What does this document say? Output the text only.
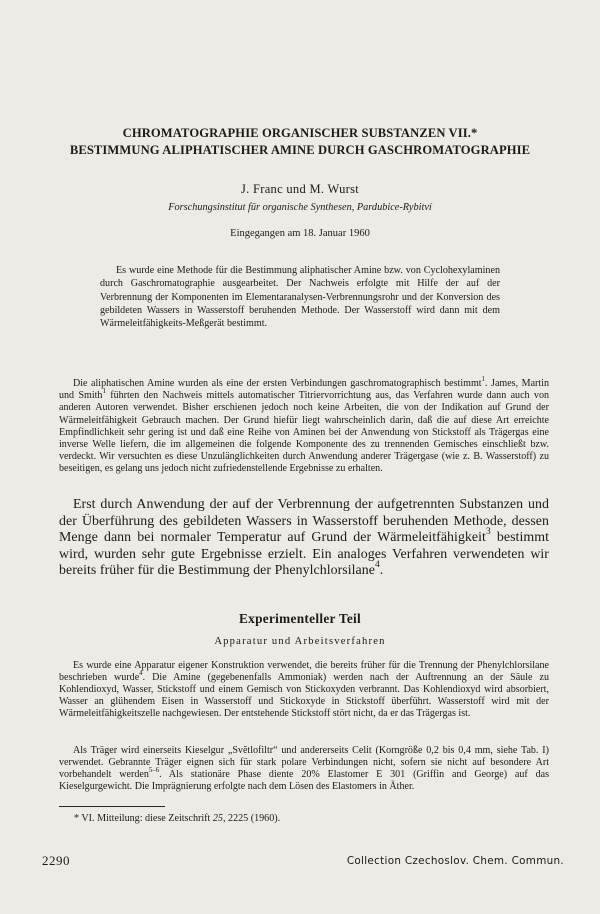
CHROMATOGRAPHIE ORGANISCHER SUBSTANZEN VII.*
BESTIMMUNG ALIPHATISCHER AMINE DURCH GASCHROMATOGRAPHIE
J. Franc und M. Wurst
Forschungsinstitut für organische Synthesen, Pardubice-Rybitví
Eingegangen am 18. Januar 1960
Es wurde eine Methode für die Bestimmung aliphatischer Amine bzw. von Cyclohexylaminen durch Gaschromatographie ausgearbeitet. Der Nachweis erfolgte mit Hilfe der auf der Verbrennung der Komponenten im Elementaranalysen-Verbrennungsrohr und der Konversion des gebildeten Wassers in Wasserstoff beruhenden Methode. Der Wasserstoff wird dann mit dem Wärmeleitfähigkeits-Meßgerät bestimmt.
Die aliphatischen Amine wurden als eine der ersten Verbindungen gaschromatographisch bestimmt$^1$. James, Martin und Smith$^1$ führten den Nachweis mittels automatischer Titriervorrichtung aus, das Verfahren wurde dann auch von anderen Autoren verwendet. Bisher erschienen jedoch noch keine Arbeiten, die von der Indikation auf Grund der Wärmeleitfähigkeit Gebrauch machen. Der Grund hiefür liegt wahrscheinlich darin, daß die auf diese Art erreichte Empfindlichkeit sehr gering ist und daß eine Reihe von Aminen bei der Anwendung von Stickstoff als Trägergas eine inverse Welle liefern, die im allgemeinen die folgende Komponente des zu trennenden Gemisches einschließt bzw. verdeckt. Wir versuchten es diese Unzulänglichkeiten durch Anwendung anderer Trägergase (wie z. B. Wasserstoff) zu beseitigen, es gelang uns jedoch nicht zufriedenstellende Ergebnisse zu erhalten.
Erst durch Anwendung der auf der Verbrennung der aufgetrennten Substanzen und der Überführung des gebildeten Wassers in Wasserstoff beruhenden Methode, dessen Menge dann bei normaler Temperatur auf Grund der Wärmeleitfähigkeit$^3$ bestimmt wird, wurden sehr gute Ergebnisse erzielt. Ein analoges Verfahren verwendeten wir bereits früher für die Bestimmung der Phenylchlorsilane$^4$.
Experimenteller Teil
Apparatur und Arbeitsverfahren
Es wurde eine Apparatur eigener Konstruktion verwendet, die bereits früher für die Trennung der Phenylchlorsilane beschrieben wurde$^4$. Die Amine (gegebenenfalls Ammoniak) werden nach der Auftrennung an der Säule zu Kohlendioxyd, Wasser, Stickstoff und einem Gemisch von Stickoxyden verbrannt. Das Kohlendioxyd wird absorbiert, Wasser an glühendem Eisen in Wasserstoff und Stickoxyde in Stickstoff überführt. Wasserstoff wird mit der Wärmeleitfähigkeitszelle nachgewiesen. Der entstehende Stickstoff stört nicht, da er das Trägergas ist.
Als Träger wird einerseits Kieselgur „Svĕtlofiltr“ und andererseits Celit (Korngröße 0,2 bis 0,4 mm, siehe Tab. I) verwendet. Gebrannte Träger eignen sich für stark polare Verbindungen nicht, sofern sie nicht auf besondere Art vorbehandelt werden$^{5-6}$. Als stationäre Phase diente 20% Elastomer E 301 (Griffin and George) auf das Kieselgurgewicht. Die Imprägnierung erfolgte nach dem Lösen des Elastomers in Äther.
* VI. Mitteilung: diese Zeitschrift 25, 2225 (1960).
2290	Collection Czechoslov. Chem. Commun.
